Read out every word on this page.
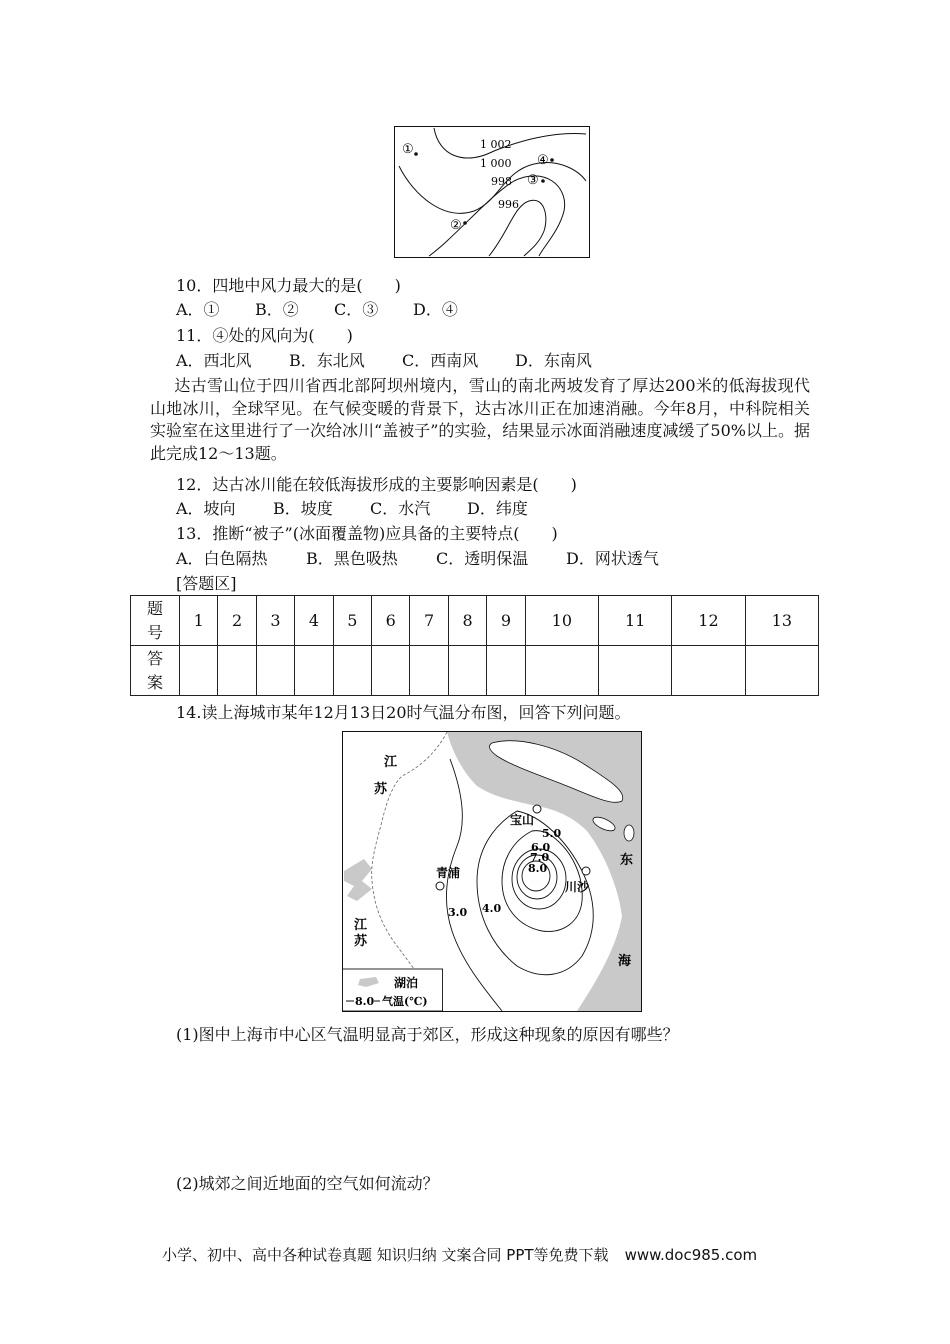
1 002
1 000
998
996
①
④
③
②
10．四地中风力最大的是(　　)
A．① B．② C．③ D．④
11．④处的风向为(　　)
A．西北风 B．东北风 C．西南风 D．东南风
达古雪山位于四川省西北部阿坝州境内，雪山的南北两坡发育了厚达200米的低海拔现代山地冰川，全球罕见。在气候变暖的背景下，达古冰川正在加速消融。今年8月，中科院相关实验室在这里进行了一次给冰川“盖被子”的实验，结果显示冰面消融速度减缓了50%以上。据此完成12～13题。
12．达古冰川能在较低海拔形成的主要影响因素是(　　)
A．坡向 B．坡度 C．水汽 D．纬度
13．推断“被子”(冰面覆盖物)应具备的主要特点(　　)
A．白色隔热 B．黑色吸热 C．透明保温 D．网状透气
[答题区]
题
号	1	2	3	4	5	6	7	8	9	10	11	12	13
答
案													
14.读上海城市某年12月13日20时气温分布图，回答下列问题。
5.0
6.0
7.0
8.0
4.0
3.0
江
苏
江
苏
东
海
宝山
青浦
川沙
湖泊
8.0 气温(℃)
(1)图中上海市中心区气温明显高于郊区，形成这种现象的原因有哪些？
(2)城郊之间近地面的空气如何流动？
小学、初中、高中各种试卷真题 知识归纳 文案合同 PPT等免费下载 www.doc985.com
